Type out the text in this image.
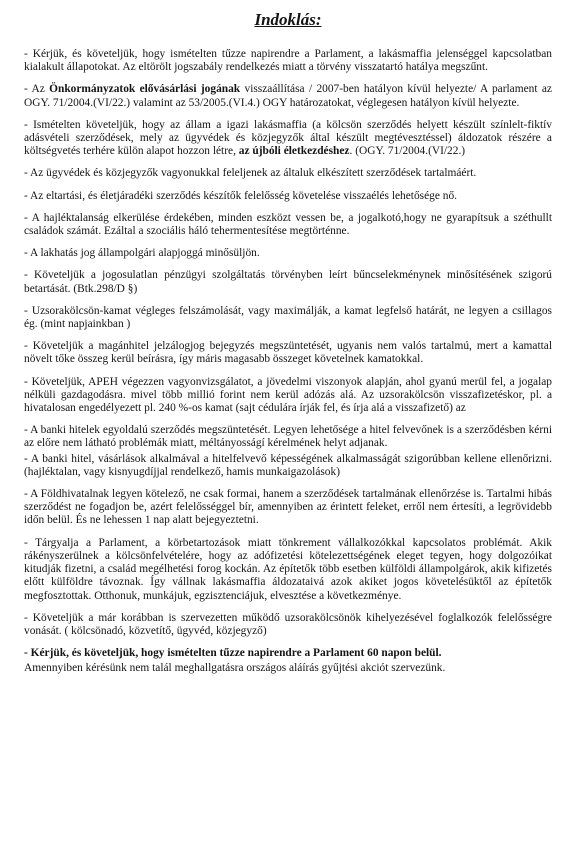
Indoklás:
- Kérjük, és követeljük, hogy ismételten tűzze napirendre a Parlament, a lakásmaffia jelenséggel kapcsolatban kialakult állapotokat. Az eltörölt jogszabály rendelkezés miatt a törvény visszatartó hatálya megszűnt.
- Az Önkormányzatok elővásárlási jogának visszaállítása / 2007-ben hatályon kívül helyezte/ A parlament az OGY. 71/2004.(VI/22.) valamint az 53/2005.(VI.4.) OGY határozatokat, véglegesen hatályon kívül helyezte.
- Ismételten követeljük, hogy az állam a igazi lakásmaffia (a kölcsön szerződés helyett készült színlelt-fiktív adásvételi szerződések, mely az ügyvédek és közjegyzők által készült megtévesztéssel) áldozatok részére a költségvetés terhére külön alapot hozzon létre, az újbóli életkezdéshez. (OGY. 71/2004.(VI/22.)
- Az ügyvédek és közjegyzők vagyonukkal feleljenek az általuk elkészített szerződések tartalmáért.
- Az eltartási, és életjáradéki szerződés készítők felelősség követelése visszaélés lehetősége nő.
- A hajléktalanság elkerülése érdekében, minden eszközt vessen be, a jogalkotó,hogy ne gyarapítsuk a széthullt családok számát. Ezáltal a szociális háló tehermentesítése megtörténne.
- A lakhatás jog állampolgári alapjoggá minősüljön.
- Követeljük a jogosulatlan pénzügyi szolgáltatás törvényben leírt bűncselekménynek minősítésének szigorú betartását. (Btk.298/D §)
- Uzsorakölcsön-kamat végleges felszámolását, vagy maximálják, a kamat legfelső határát, ne legyen a csillagos ég. (mint napjainkban )
- Követeljük a magánhitel jelzálogjog bejegyzés megszüntetését, ugyanis nem valós tartalmú, mert a kamattal növelt tőke összeg kerül beírásra, így máris magasabb összeget követelnek kamatokkal.
- Követeljük, APEH végezzen vagyonvizsgálatot, a jövedelmi viszonyok alapján, ahol gyanú merül fel, a jogalap nélküli gazdagodásra. mivel több millió forint nem kerül adózás alá. Az uzsorakölcsön visszafizetéskor, pl. a hivatalosan engedélyezett pl. 240 %-os kamat (sajt cédulára írják fel, és írja alá a visszafizető) az
- A banki hitelek egyoldalú szerződés megszüntetését. Legyen lehetősége a hitel felvevőnek is a szerződésben kérni az előre nem látható problémák miatt, méltányosságí kérelmének helyt adjanak.
- A banki hitel, vásárlások alkalmával a hitelfelvevő képességének alkalmasságát szigorúbban kellene ellenőrizni. (hajléktalan, vagy kisnyugdíjjal rendelkező, hamis munkaigazolások)
- A Földhivatalnak legyen kötelező, ne csak formai, hanem a szerződések tartalmának ellenőrzése is. Tartalmi hibás szerződést ne fogadjon be, azért felelősséggel bír, amennyiben az érintett feleket, erről nem értesíti, a legrövidebb időn belül. És ne lehessen 1 nap alatt bejegyeztetni.
- Tárgyalja a Parlament, a körbetartozások miatt tönkrement vállalkozókkal kapcsolatos problémát. Akik rákényszerülnek a kölcsönfelvételére, hogy az adófizetési kötelezettségének eleget tegyen, hogy dolgozóikat kitudják fizetni, a család megélhetési forog kockán. Az építetők több esetben külföldi állampolgárok, akik kifizetés előtt külföldre távoznak. Így vállnak lakásmaffia áldozataivá azok akiket jogos követelésüktől az építetők megfosztottak. Otthonuk, munkájuk, egzisztenciájuk, elvesztése a következménye.
- Követeljük a már korábban is szervezetten működő uzsorakölcsönök kihelyezésével foglalkozók felelősségre vonását. ( kölcsönadó, közvetítő, ügyvéd, közjegyző)
- Kérjük, és követeljük, hogy ismételten tűzze napirendre a Parlament 60 napon belül.
Amennyiben kérésünk nem talál meghallgatásra országos aláírás gyűjtési akciót szervezünk.
